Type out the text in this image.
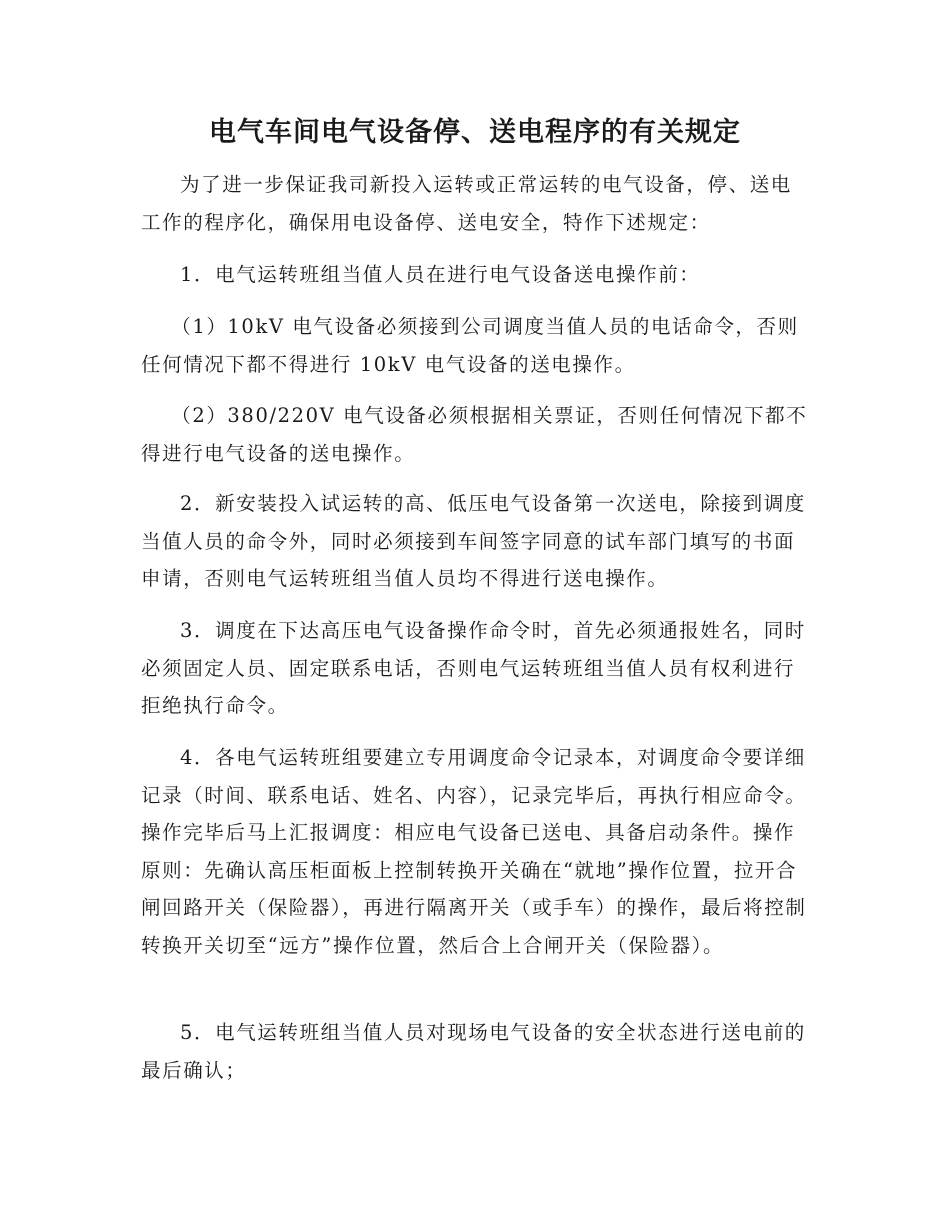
电气车间电气设备停、送电程序的有关规定

为了进一步保证我司新投入运转或正常运转的电气设备，停、送电工作的程序化，确保用电设备停、送电安全，特作下述规定：

1．电气运转班组当值人员在进行电气设备送电操作前：

（1）10kV 电气设备必须接到公司调度当值人员的电话命令，否则任何情况下都不得进行 10kV 电气设备的送电操作。

（2）380/220V 电气设备必须根据相关票证，否则任何情况下都不得进行电气设备的送电操作。

2．新安装投入试运转的高、低压电气设备第一次送电，除接到调度当值人员的命令外，同时必须接到车间签字同意的试车部门填写的书面申请，否则电气运转班组当值人员均不得进行送电操作。

3．调度在下达高压电气设备操作命令时，首先必须通报姓名，同时必须固定人员、固定联系电话，否则电气运转班组当值人员有权利进行拒绝执行命令。

4．各电气运转班组要建立专用调度命令记录本，对调度命令要详细记录（时间、联系电话、姓名、内容），记录完毕后，再执行相应命令。操作完毕后马上汇报调度：相应电气设备已送电、具备启动条件。操作原则：先确认高压柜面板上控制转换开关确在“就地”操作位置，拉开合闸回路开关（保险器），再进行隔离开关（或手车）的操作，最后将控制转换开关切至“远方”操作位置，然后合上合闸开关（保险器）。

5．电气运转班组当值人员对现场电气设备的安全状态进行送电前的最后确认；
